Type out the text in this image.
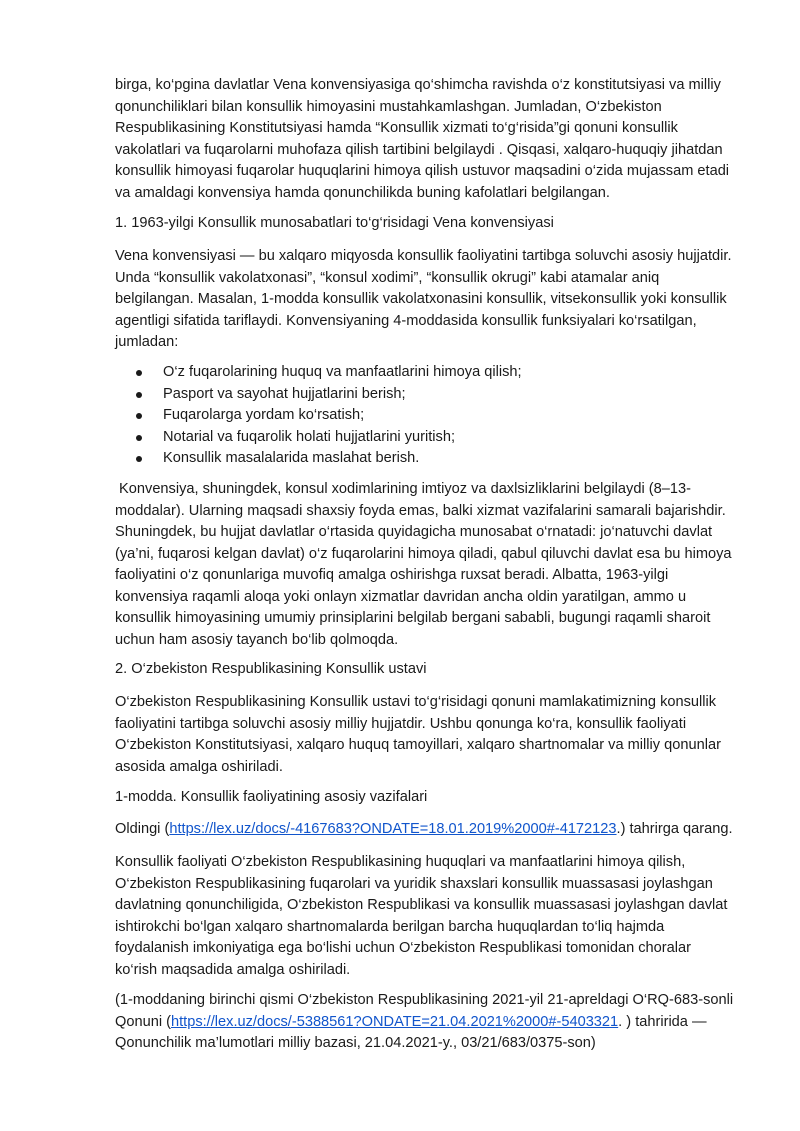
birga, ko‘pgina davlatlar Vena konvensiyasiga qo‘shimcha ravishda o‘z konstitutsiyasi va milliy
qonunchiliklari bilan konsullik himoyasini mustahkamlashgan. Jumladan, O‘zbekiston
Respublikasining Konstitutsiyasi hamda “Konsullik xizmati to‘g‘risida”gi qonuni konsullik
vakolatlari va fuqarolarni muhofaza qilish tartibini belgilaydi . Qisqasi, xalqaro-huquqiy jihatdan
konsullik himoyasi fuqarolar huquqlarini himoya qilish ustuvor maqsadini o‘zida mujassam etadi
va amaldagi konvensiya hamda qonunchilikda buning kafolatlari belgilangan.

1. 1963-yilgi Konsullik munosabatlari to‘g‘risidagi Vena konvensiyasi

Vena konvensiyasi — bu xalqaro miqyosda konsullik faoliyatini tartibga soluvchi asosiy hujjatdir.
Unda “konsullik vakolatxonasi”, “konsul xodimi”, “konsullik okrugi” kabi atamalar aniq
belgilangan. Masalan, 1-modda konsullik vakolatxonasini konsullik, vitsekonsullik yoki konsullik
agentligi sifatida tariflaydi. Konvensiyaning 4-moddasida konsullik funksiyalari ko‘rsatilgan,
jumladan:

O‘z fuqarolarining huquq va manfaatlarini himoya qilish;
Pasport va sayohat hujjatlarini berish;
Fuqarolarga yordam ko‘rsatish;
Notarial va fuqarolik holati hujjatlarini yuritish;
Konsullik masalalarida maslahat berish.

Konvensiya, shuningdek, konsul xodimlarining imtiyoz va daxlsizliklarini belgilaydi (8–13-
moddalar). Ularning maqsadi shaxsiy foyda emas, balki xizmat vazifalarini samarali bajarishdir.
Shuningdek, bu hujjat davlatlar o‘rtasida quyidagicha munosabat o‘rnatadi: jo‘natuvchi davlat
(ya’ni, fuqarosi kelgan davlat) o‘z fuqarolarini himoya qiladi, qabul qiluvchi davlat esa bu himoya
faoliyatini o‘z qonunlariga muvofiq amalga oshirishga ruxsat beradi. Albatta, 1963-yilgi
konvensiya raqamli aloqa yoki onlayn xizmatlar davridan ancha oldin yaratilgan, ammo u
konsullik himoyasining umumiy prinsiplarini belgilab bergani sababli, bugungi raqamli sharoit
uchun ham asosiy tayanch bo‘lib qolmoqda.

2. O‘zbekiston Respublikasining Konsullik ustavi

O‘zbekiston Respublikasining Konsullik ustavi to‘g‘risidagi qonuni mamlakatimizning konsullik
faoliyatini tartibga soluvchi asosiy milliy hujjatdir. Ushbu qonunga ko‘ra, konsullik faoliyati
O‘zbekiston Konstitutsiyasi, xalqaro huquq tamoyillari, xalqaro shartnomalar va milliy qonunlar
asosida amalga oshiriladi.

1-modda. Konsullik faoliyatining asosiy vazifalari

Oldingi (https://lex.uz/docs/-4167683?ONDATE=18.01.2019%2000#-4172123.) tahrirga qarang.

Konsullik faoliyati O‘zbekiston Respublikasining huquqlari va manfaatlarini himoya qilish,
O‘zbekiston Respublikasining fuqarolari va yuridik shaxslari konsullik muassasasi joylashgan
davlatning qonunchiligida, O‘zbekiston Respublikasi va konsullik muassasasi joylashgan davlat
ishtirokchi bo‘lgan xalqaro shartnomalarda berilgan barcha huquqlardan to‘liq hajmda
foydalanish imkoniyatiga ega bo‘lishi uchun O‘zbekiston Respublikasi tomonidan choralar
ko‘rish maqsadida amalga oshiriladi.

(1-moddaning birinchi qismi O‘zbekiston Respublikasining 2021-yil 21-apreldagi O‘RQ-683-sonli
Qonuni (https://lex.uz/docs/-5388561?ONDATE=21.04.2021%2000#-5403321. ) tahririda —
Qonunchilik ma’lumotlari milliy bazasi, 21.04.2021-y., 03/21/683/0375-son)
